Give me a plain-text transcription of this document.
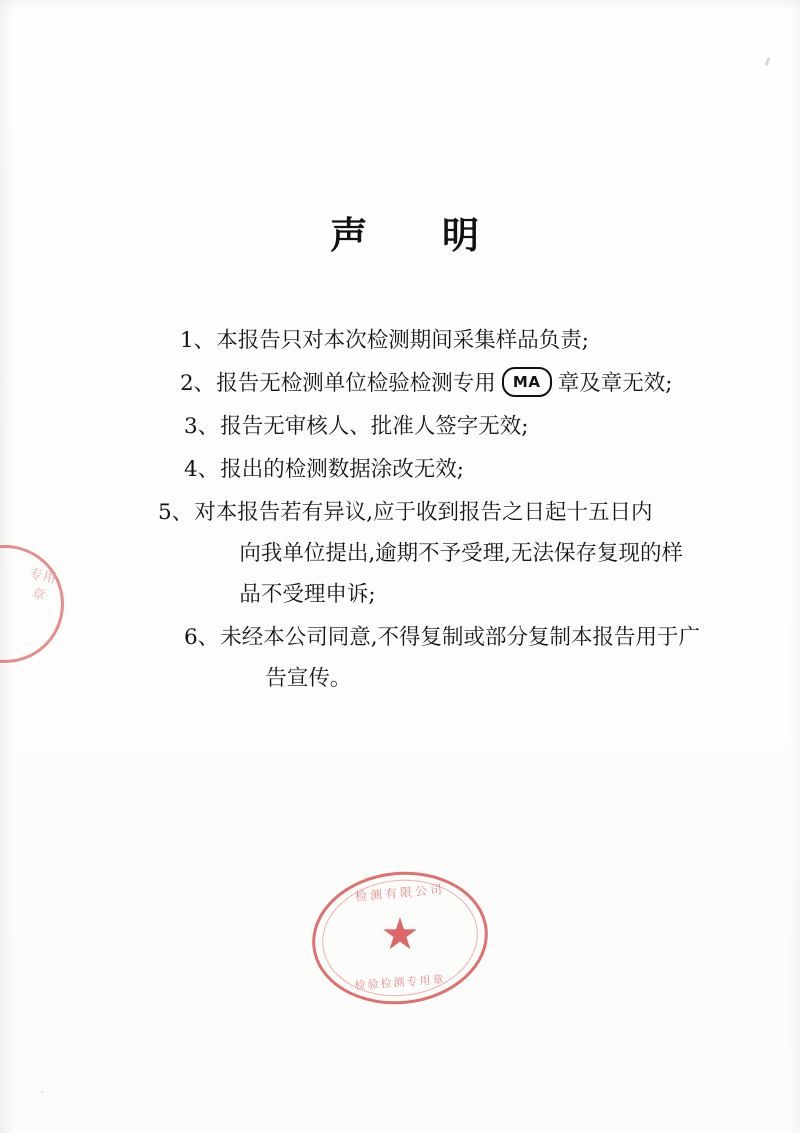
声 明
1、 本报告只对本次检测期间采集样品负责;

2、 报告无检测单位检验检测专用 MA 章及章无效;

3、 报告无审核人、批准人签字无效;

4、 报出的检测数据涂改无效;

5、 对本报告若有异议,应于收到报告之日起十五日内

向我单位提出,逾期不予受理,无法保存复现的样

品不受理申诉;

6、 未经本公司同意,不得复制或部分复制本报告用于广

告宣传。

专用章
检测有限公司
★
检验检测专用章
